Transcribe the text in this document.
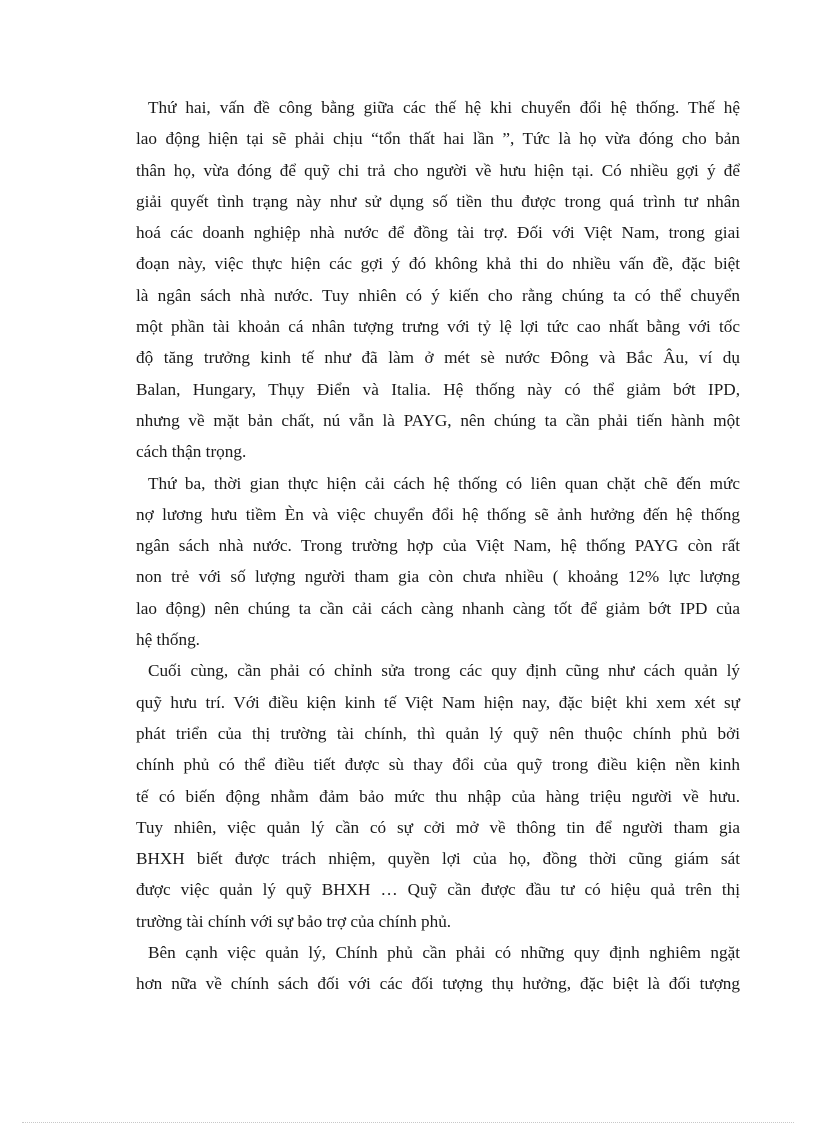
Thứ hai, vấn đề công bằng giữa các thế hệ khi chuyển đổi hệ thống. Thế hệ
lao động hiện tại sẽ phải chịu “tổn thất hai lần ”, Tức là họ vừa đóng cho bản
thân họ, vừa đóng để quỹ chi trả cho người về hưu hiện tại. Có nhiều gợi ý để
giải quyết tình trạng này như sử dụng số tiền thu được trong quá trình tư nhân
hoá các doanh nghiệp nhà nước để đồng tài trợ. Đối với Việt Nam, trong giai
đoạn này, việc thực hiện các gợi ý đó không khả thi do nhiều vấn đề, đặc biệt
là ngân sách nhà nước. Tuy nhiên có ý kiến cho rằng chúng ta có thể chuyển
một phần tài khoản cá nhân tượng trưng với tỷ lệ lợi tức cao nhất bằng với tốc
độ tăng trưởng kinh tế như đã làm ở mét sè nước Đông và Bắc Âu, ví dụ
Balan, Hungary, Thụy Điển và Italia. Hệ thống này có thể giảm bớt IPD,
nhưng về mặt bản chất, nú vẫn là PAYG, nên chúng ta cần phải tiến hành một
cách thận trọng.
Thứ ba, thời gian thực hiện cải cách hệ thống có liên quan chặt chẽ đến mức
nợ lương hưu tiềm Èn và việc chuyển đổi hệ thống sẽ ảnh hưởng đến hệ thống
ngân sách nhà nước. Trong trường hợp của Việt Nam, hệ thống PAYG còn rất
non trẻ với số lượng người tham gia còn chưa nhiều ( khoảng 12% lực lượng
lao động) nên chúng ta cần cải cách càng nhanh càng tốt để giảm bớt IPD của
hệ thống.
Cuối cùng, cần phải có chỉnh sửa trong các quy định cũng như cách quản lý
quỹ hưu trí. Với điều kiện kinh tế Việt Nam hiện nay, đặc biệt khi xem xét sự
phát triển của thị trường tài chính, thì quản lý quỹ nên thuộc chính phủ bởi
chính phủ có thể điều tiết được sù thay đổi của quỹ trong điều kiện nền kinh
tế có biến động nhằm đảm bảo mức thu nhập của hàng triệu người về hưu.
Tuy nhiên, việc quản lý cần có sự cởi mở về thông tin để người tham gia
BHXH biết được trách nhiệm, quyền lợi của họ, đồng thời cũng giám sát
được việc quản lý quỹ BHXH … Quỹ cần được đầu tư có hiệu quả trên thị
trường tài chính với sự bảo trợ của chính phủ.
Bên cạnh việc quản lý, Chính phủ cần phải có những quy định nghiêm ngặt
hơn nữa về chính sách đối với các đối tượng thụ hưởng, đặc biệt là đối tượng
